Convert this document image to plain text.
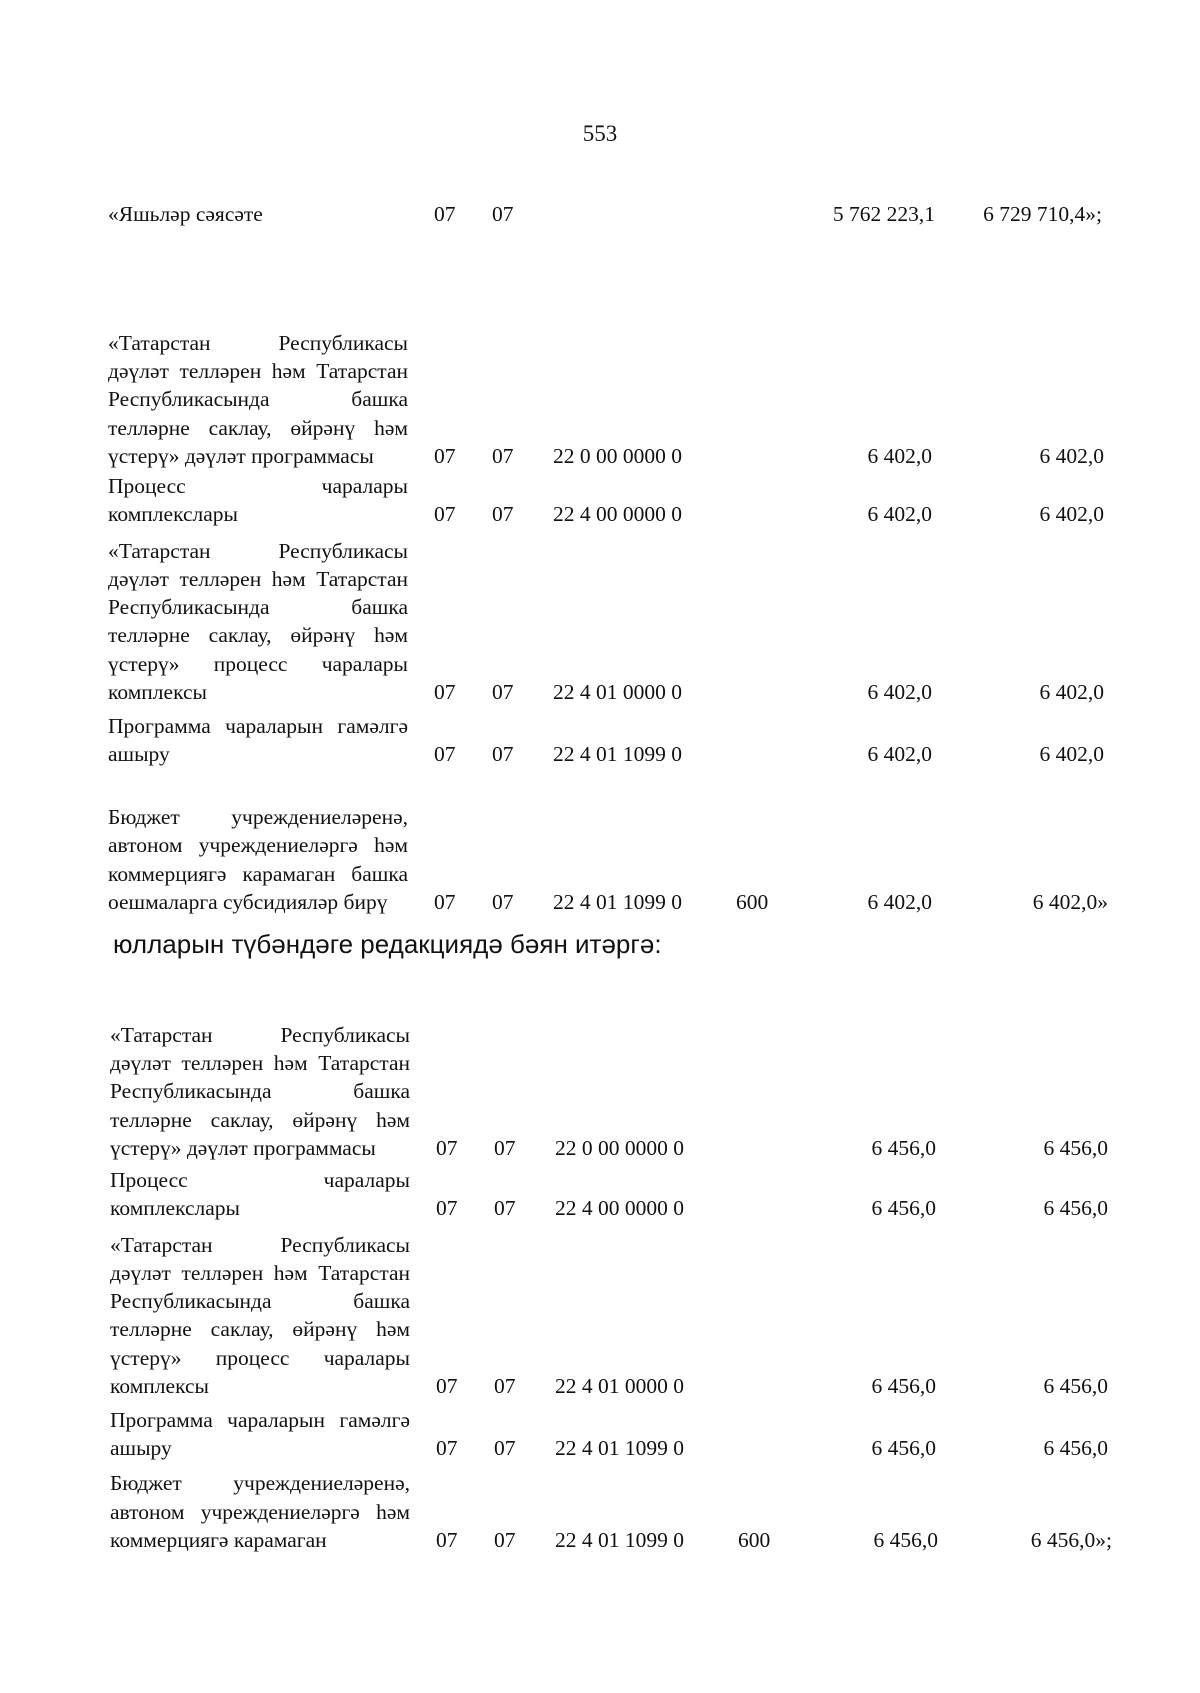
553
«Яшьләр сәясәте	07 07	5 762 223,1 6 729 710,4»;
«Татарстан Республикасы дәүләт телләрен һәм Татарстан Республикасында башка телләрне саклау, өйрәнү һәм үстерү» дәүләт программасы	07 07 22 0 00 0000 0	6 402,0	6 402,0
Процесс чаралары комплекслары	07 07 22 4 00 0000 0	6 402,0	6 402,0
«Татарстан Республикасы дәүләт телләрен һәм Татарстан Республикасында башка телләрне саклау, өйрәнү һәм үстерү» процесс чаралары комплексы	07 07 22 4 01 0000 0	6 402,0	6 402,0
Программа чараларын гамәлгә ашыру	07 07 22 4 01 1099 0	6 402,0	6 402,0
Бюджет учреждениеләренә, автоном учреждениеләргә һәм коммерциягә карамаган башка оешмаларга субсидияләр бирү	07 07 22 4 01 1099 0	600	6 402,0	6 402,0»
юлларын түбәндәге редакциядә бәян итәргә:
«Татарстан Республикасы дәүләт телләрен һәм Татарстан Республикасында башка телләрне саклау, өйрәнү һәм үстерү» дәүләт программасы	07 07 22 0 00 0000 0	6 456,0	6 456,0
Процесс чаралары комплекслары	07 07 22 4 00 0000 0	6 456,0	6 456,0
«Татарстан Республикасы дәүләт телләрен һәм Татарстан Республикасында башка телләрне саклау, өйрәнү һәм үстерү» процесс чаралары комплексы	07 07 22 4 01 0000 0	6 456,0	6 456,0
Программа чараларын гамәлгә ашыру	07 07 22 4 01 1099 0	6 456,0	6 456,0
Бюджет учреждениеләренә, автоном учреждениеләргә һәм коммерциягә карамаган	07 07 22 4 01 1099 0	600	6 456,0	6 456,0»;
